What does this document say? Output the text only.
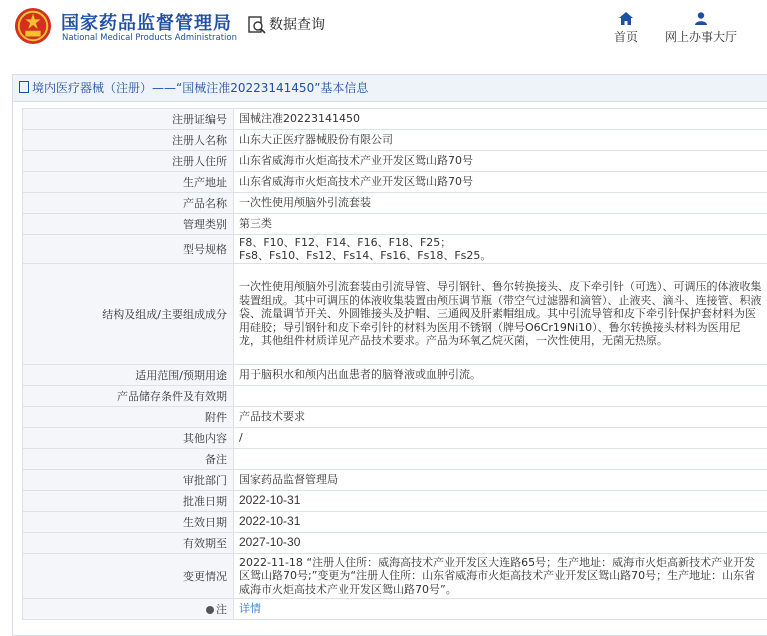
国家药品监督管理局
National Medical Products Administration
数据查询
首页	网上办事大厅
境内医疗器械（注册）——“国械注准20223141450”基本信息
注册证编号	国械注准20223141450
注册人名称	山东大正医疗器械股份有限公司
注册人住所	山东省威海市火炬高技术产业开发区鸳山路70号
生产地址	山东省威海市火炬高技术产业开发区鸳山路70号
产品名称	一次性使用颅脑外引流套装
管理类别	第三类
型号规格	F8、F10、F12、F14、F16、F18、F25；
Fs8、Fs10、Fs12、Fs14、Fs16、Fs18、Fs25。
结构及组成/主要组成成分	一次性使用颅脑外引流套装由引流导管、导引钢针、鲁尔转换接头、皮下牵引针（可选）、可调压的体液收集装置组成。其中可调压的体液收集装置由颅压调节瓶（带空气过滤器和滴管）、止液夹、滴斗、连接管、积液袋、流量调节开关、外圆锥接头及护帽、三通阀及肝素帽组成。其中引流导管和皮下牵引针保护套材料为医用硅胶；导引钢针和皮下牵引针的材料为医用不锈钢（牌号O6Cr19Ni10）、鲁尔转换接头材料为医用尼龙，其他组件材质详见产品技术要求。产品为环氧乙烷灭菌，一次性使用，无菌无热原。
适用范围/预期用途	用于脑积水和颅内出血患者的脑脊液或血肿引流。
产品储存条件及有效期	
附件	产品技术要求
其他内容	/
备注	
审批部门	国家药品监督管理局
批准日期	2022-10-31
生效日期	2022-10-31
有效期至	2027-10-30
变更情况	2022-11-18 “注册人住所：威海高技术产业开发区大连路65号；生产地址：威海市火炬高新技术产业开发区鸳山路70号;”变更为“注册人住所：山东省威海市火炬高技术产业开发区鸳山路70号；生产地址：山东省威海市火炬高技术产业开发区鸳山路70号”。
注	详情
